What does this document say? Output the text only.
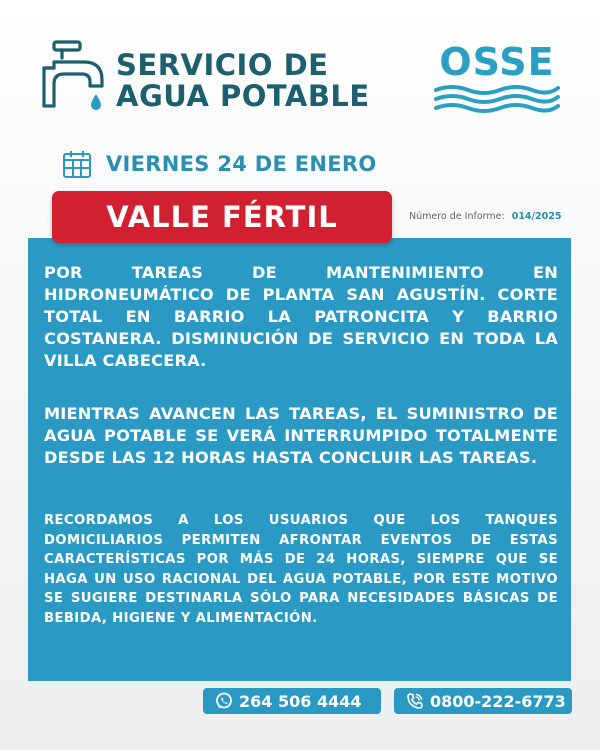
SERVICIO DE
AGUA POTABLE
OSSE
VIERNES 24 DE ENERO
VALLE FÉRTIL	Número de Informe: 014/2025
POR TAREAS DE MANTENIMIENTO EN HIDRONEUMÁTICO DE PLANTA SAN AGUSTÍN. CORTE TOTAL EN BARRIO LA PATRONCITA Y BARRIO COSTANERA. DISMINUCIÓN DE SERVICIO EN TODA LA VILLA CABECERA.
MIENTRAS AVANCEN LAS TAREAS, EL SUMINISTRO DE AGUA POTABLE SE VERÁ INTERRUMPIDO TOTALMENTE DESDE LAS 12 HORAS HASTA CONCLUIR LAS TAREAS.
RECORDAMOS A LOS USUARIOS QUE LOS TANQUES DOMICILIARIOS PERMITEN AFRONTAR EVENTOS DE ESTAS CARACTERÍSTICAS POR MÁS DE 24 HORAS, SIEMPRE QUE SE HAGA UN USO RACIONAL DEL AGUA POTABLE, POR ESTE MOTIVO SE SUGIERE DESTINARLA SÓLO PARA NECESIDADES BÁSICAS DE BEBIDA, HIGIENE Y ALIMENTACIÓN.
264 506 4444	0800-222-6773
